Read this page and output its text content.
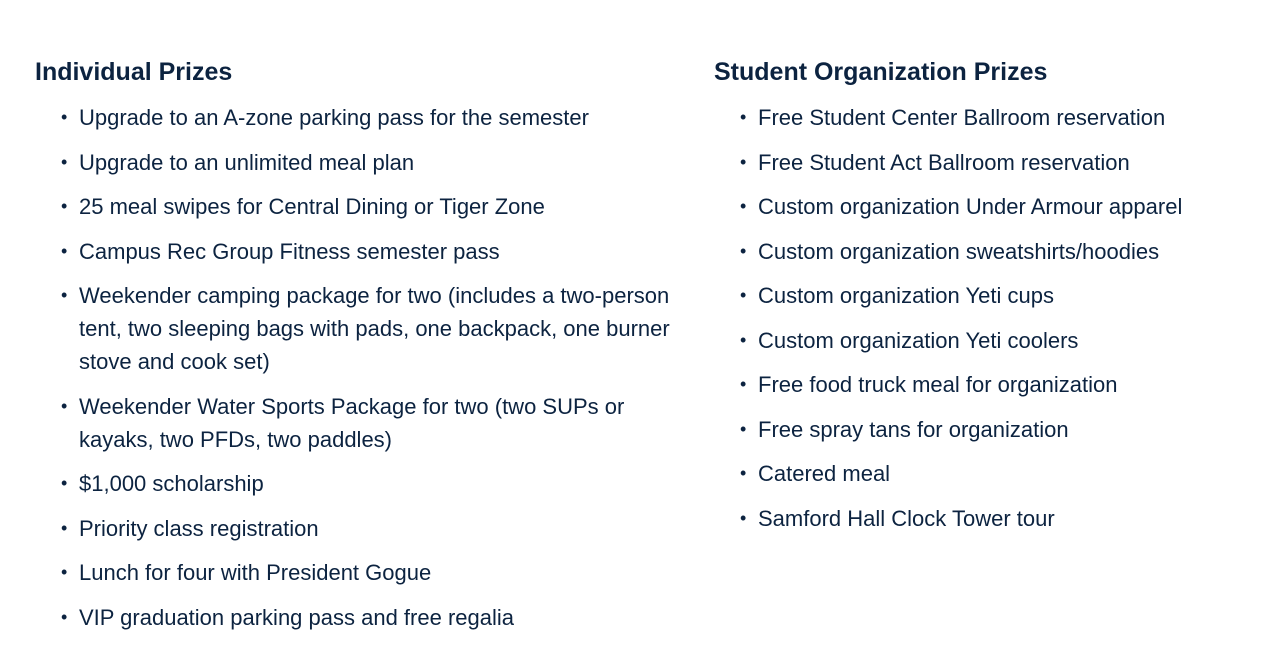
Individual Prizes
• Upgrade to an A-zone parking pass for the semester
• Upgrade to an unlimited meal plan
• 25 meal swipes for Central Dining or Tiger Zone
• Campus Rec Group Fitness semester pass
• Weekender camping package for two (includes a two-person tent, two sleeping bags with pads, one backpack, one burner stove and cook set)
• Weekender Water Sports Package for two (two SUPs or kayaks, two PFDs, two paddles)
• $1,000 scholarship
• Priority class registration
• Lunch for four with President Gogue
• VIP graduation parking pass and free regalia
Student Organization Prizes
• Free Student Center Ballroom reservation
• Free Student Act Ballroom reservation
• Custom organization Under Armour apparel
• Custom organization sweatshirts/hoodies
• Custom organization Yeti cups
• Custom organization Yeti coolers
• Free food truck meal for organization
• Free spray tans for organization
• Catered meal
• Samford Hall Clock Tower tour
